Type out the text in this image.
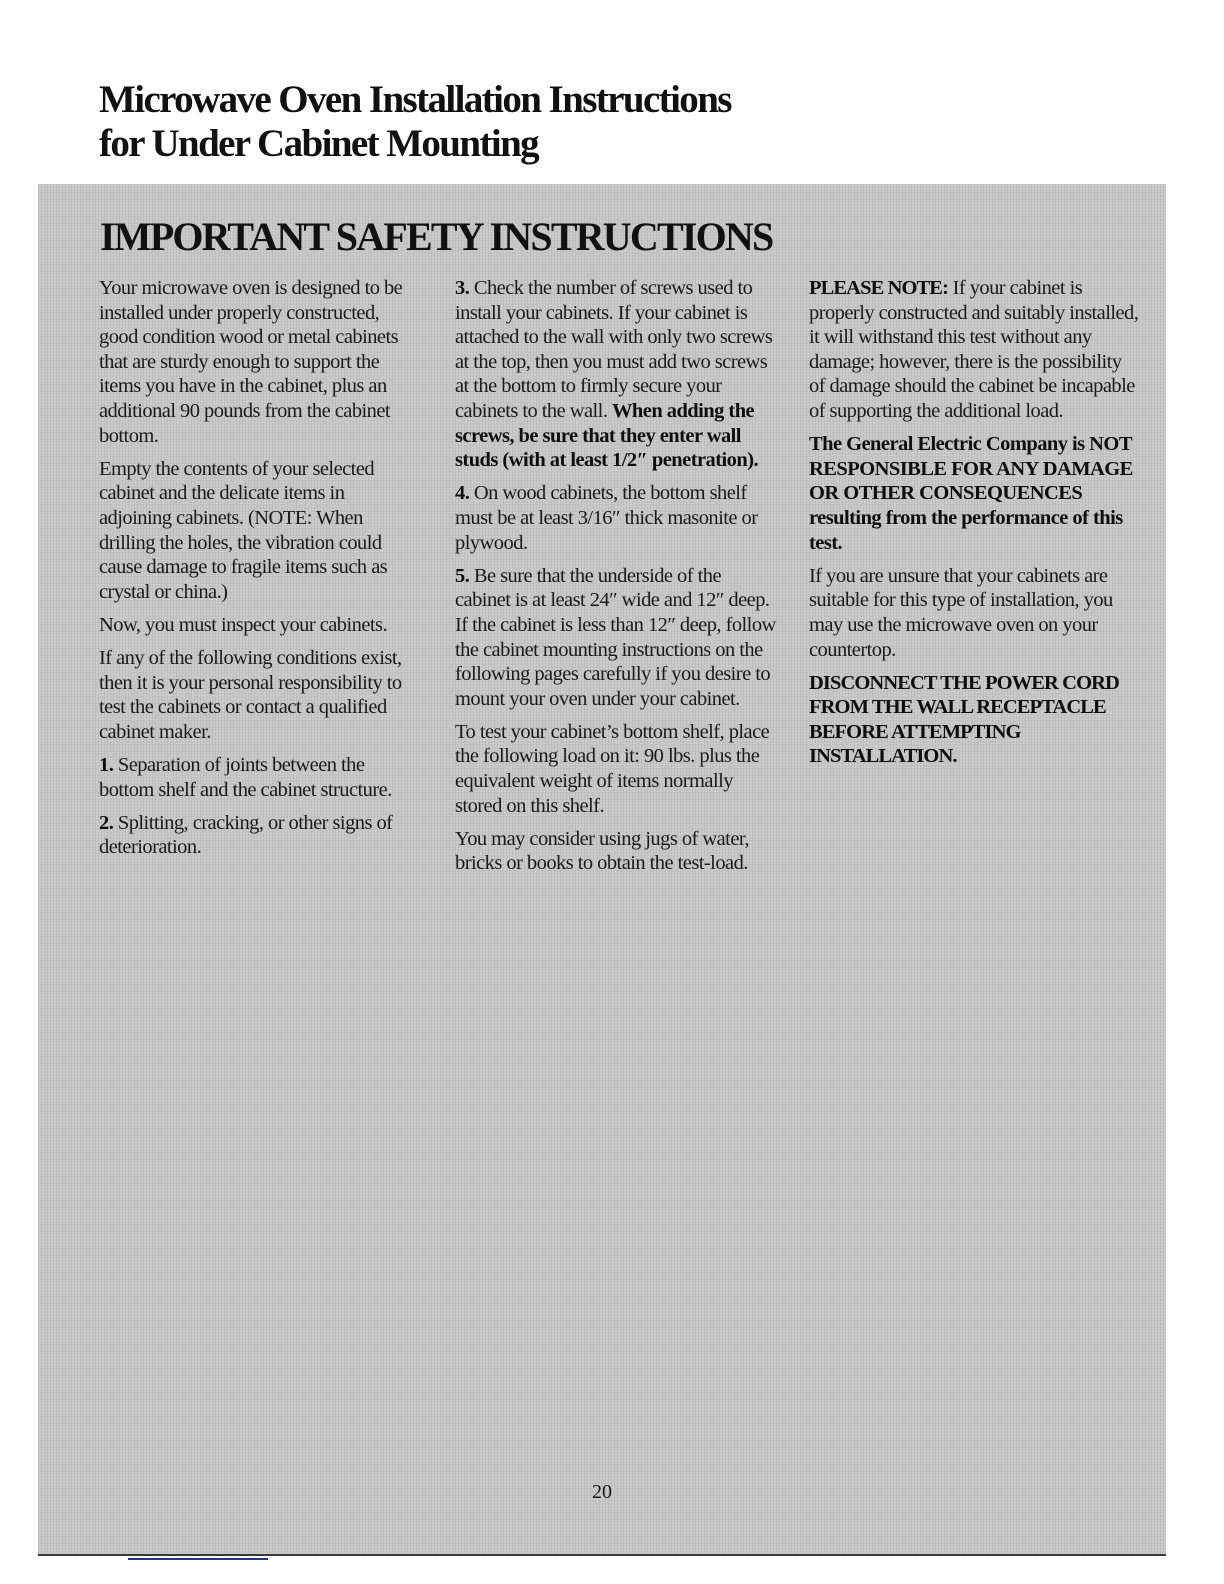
Microwave Oven Installation Instructions
for Under Cabinet Mounting
IMPORTANT SAFETY INSTRUCTIONS

Your microwave oven is designed to be installed under properly constructed, good condition wood or metal cabinets that are sturdy enough to support the items you have in the cabinet, plus an additional 90 pounds from the cabinet bottom.

Empty the contents of your selected cabinet and the delicate items in adjoining cabinets. (NOTE: When drilling the holes, the vibration could cause damage to fragile items such as crystal or china.)

Now, you must inspect your cabinets.

If any of the following conditions exist, then it is your personal responsibility to test the cabinets or contact a qualified cabinet maker.

1. Separation of joints between the bottom shelf and the cabinet structure.

2. Splitting, cracking, or other signs of deterioration.

3. Check the number of screws used to install your cabinets. If your cabinet is attached to the wall with only two screws at the top, then you must add two screws at the bottom to firmly secure your cabinets to the wall. When adding the screws, be sure that they enter wall studs (with at least 1/2″ penetration).

4. On wood cabinets, the bottom shelf must be at least 3/16″ thick masonite or plywood.

5. Be sure that the underside of the cabinet is at least 24″ wide and 12″ deep. If the cabinet is less than 12″ deep, follow the cabinet mounting instructions on the following pages carefully if you desire to mount your oven under your cabinet.

To test your cabinet’s bottom shelf, place the following load on it: 90 lbs. plus the equivalent weight of items normally stored on this shelf.

You may consider using jugs of water, bricks or books to obtain the test-load.

PLEASE NOTE: If your cabinet is properly constructed and suitably installed, it will withstand this test without any damage; however, there is the possibility of damage should the cabinet be incapable of supporting the additional load.

The General Electric Company is NOT RESPONSIBLE FOR ANY DAMAGE OR OTHER CONSEQUENCES resulting from the performance of this test.

If you are unsure that your cabinets are suitable for this type of installation, you may use the microwave oven on your countertop.

DISCONNECT THE POWER CORD FROM THE WALL RECEPTACLE BEFORE ATTEMPTING INSTALLATION.

20
